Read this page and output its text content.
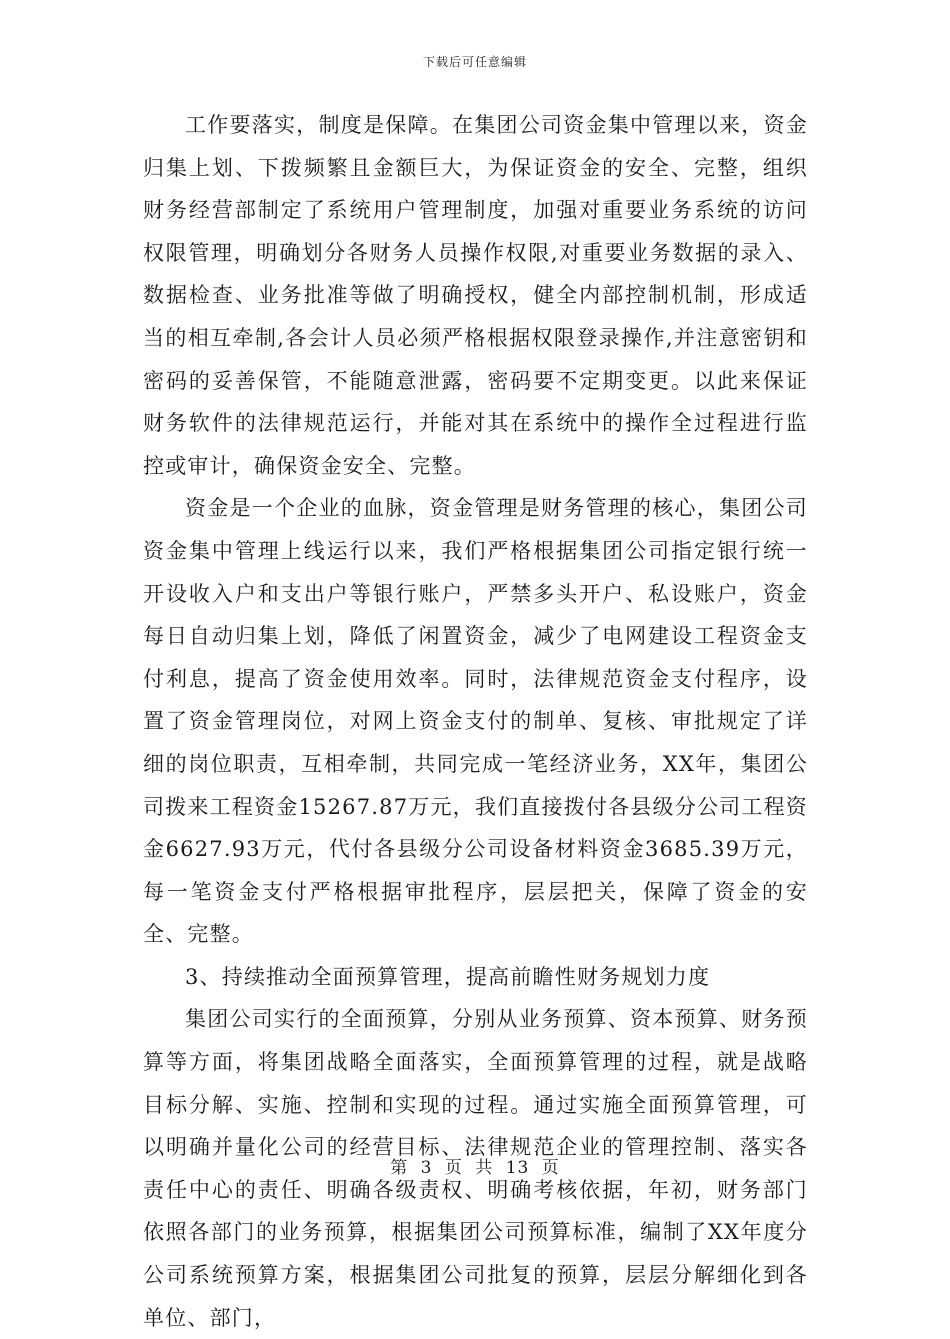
下载后可任意编辑

工作要落实，制度是保障。在集团公司资金集中管理以来，资金归集上划、下拨频繁且金额巨大，为保证资金的安全、完整，组织财务经营部制定了系统用户管理制度，加强对重要业务系统的访问权限管理，明确划分各财务人员操作权限,对重要业务数据的录入、数据检查、业务批准等做了明确授权，健全内部控制机制，形成适当的相互牵制,各会计人员必须严格根据权限登录操作,并注意密钥和密码的妥善保管，不能随意泄露，密码要不定期变更。以此来保证财务软件的法律规范运行，并能对其在系统中的操作全过程进行监控或审计，确保资金安全、完整。

资金是一个企业的血脉，资金管理是财务管理的核心，集团公司资金集中管理上线运行以来，我们严格根据集团公司指定银行统一开设收入户和支出户等银行账户，严禁多头开户、私设账户，资金每日自动归集上划，降低了闲置资金，减少了电网建设工程资金支付利息，提高了资金使用效率。同时，法律规范资金支付程序，设置了资金管理岗位，对网上资金支付的制单、复核、审批规定了详细的岗位职责，互相牵制，共同完成一笔经济业务，XX年，集团公司拨来工程资金15267.87万元，我们直接拨付各县级分公司工程资金6627.93万元，代付各县级分公司设备材料资金3685.39万元，每一笔资金支付严格根据审批程序，层层把关，保障了资金的安全、完整。

3、持续推动全面预算管理，提高前瞻性财务规划力度

集团公司实行的全面预算，分别从业务预算、资本预算、财务预算等方面，将集团战略全面落实，全面预算管理的过程，就是战略目标分解、实施、控制和实现的过程。通过实施全面预算管理，可以明确并量化公司的经营目标、法律规范企业的管理控制、落实各责任中心的责任、明确各级责权、明确考核依据，年初，财务部门依照各部门的业务预算，根据集团公司预算标准，编制了XX年度分公司系统预算方案，根据集团公司批复的预算，层层分解细化到各单位、部门，

第 3 页 共 13 页
